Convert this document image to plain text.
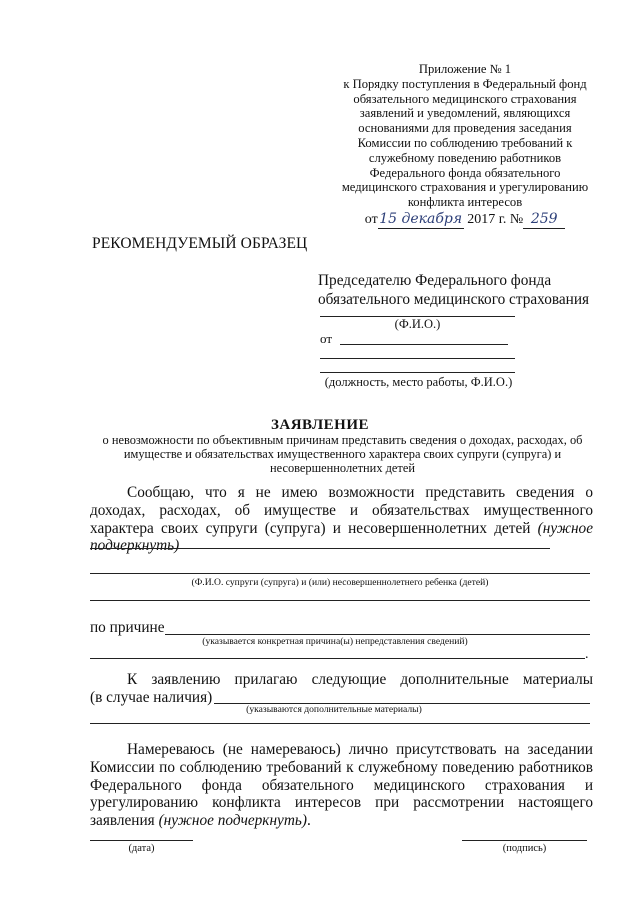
Приложение № 1
к Порядку поступления в Федеральный фонд
обязательного медицинского страхования
заявлений и уведомлений, являющихся
основаниями для проведения заседания
Комиссии по соблюдению требований к
служебному поведению работников
Федерального фонда обязательного
медицинского страхования и урегулированию
конфликта интересов
от 15 декабря 2017 г. № 259
РЕКОМЕНДУЕМЫЙ ОБРАЗЕЦ
Председателю Федерального фонда
обязательного медицинского страхования
(Ф.И.О.)
от
(должность, место работы, Ф.И.О.)
ЗАЯВЛЕНИЕ
о невозможности по объективным причинам представить сведения о доходах, расходах, об имуществе и обязательствах имущественного характера своих супруги (супруга) и несовершеннолетних детей
Сообщаю, что я не имею возможности представить сведения о доходах, расходах, об имуществе и обязательствах имущественного характера своих супруги (супруга) и несовершеннолетних детей (нужное подчеркнуть)
(Ф.И.О. супруги (супруга) и (или) несовершеннолетнего ребенка (детей)
по причине
(указывается конкретная причина(ы) непредставления сведений)
.
К заявлению прилагаю следующие дополнительные материалы
(в случае наличия)
(указываются дополнительные материалы)
Намереваюсь (не намереваюсь) лично присутствовать на заседании Комиссии по соблюдению требований к служебному поведению работников Федерального фонда обязательного медицинского страхования и урегулированию конфликта интересов при рассмотрении настоящего заявления (нужное подчеркнуть).
(дата)	(подпись)
